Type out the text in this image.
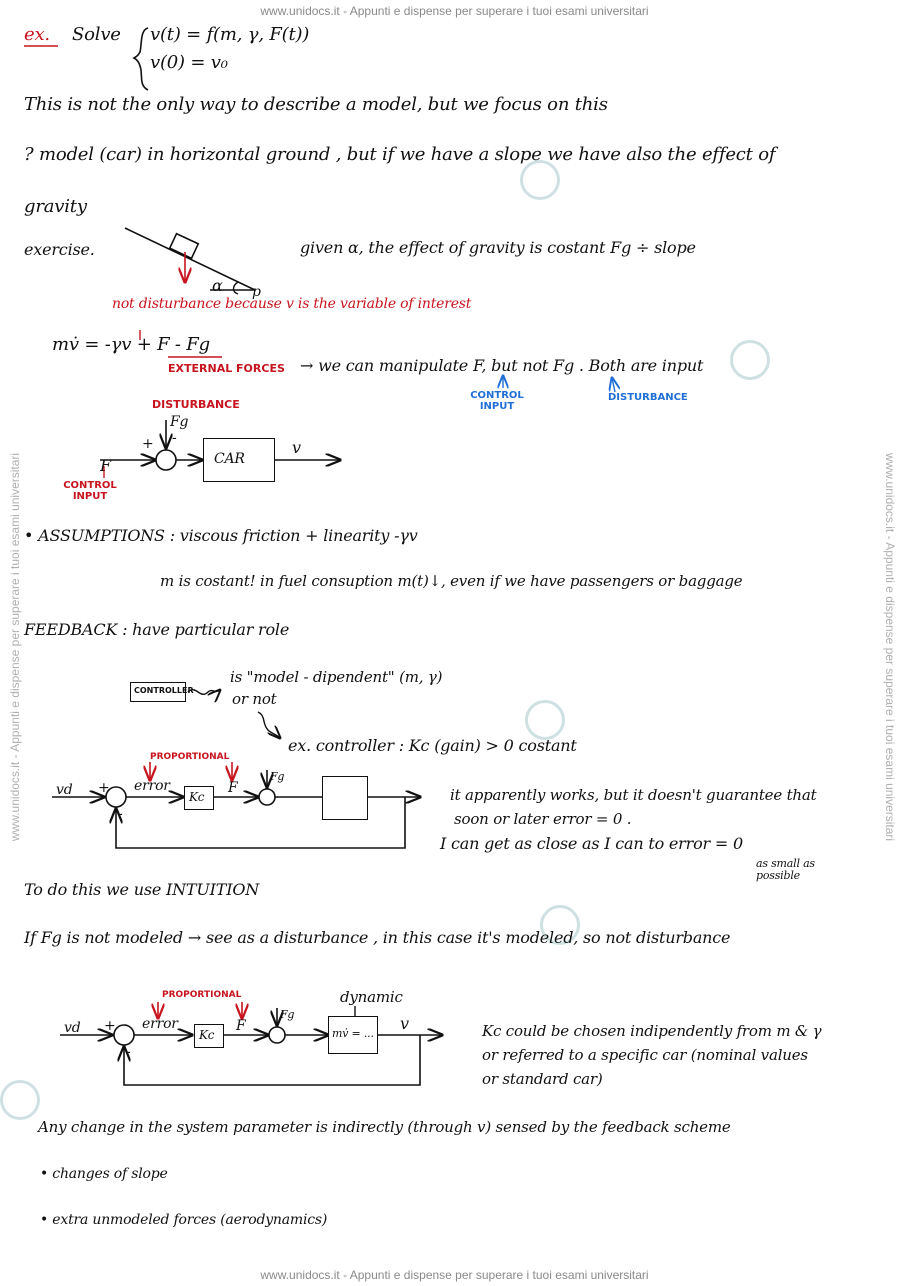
www.unidocs.it - Appunti e dispense per superare i tuoi esami universitari
www.unidocs.it - Appunti e dispense per superare i tuoi esami universitari
www.unidocs.it - Appunti e dispense per superare i tuoi esami universitari	www.unidocs.it - Appunti e dispense per superare i tuoi esami universitari
ex. Solve v(t) = f(m, γ, F(t))
v(0) = v₀
This is not the only way to describe a model, but we focus on this
? model (car) in horizontal ground , but if we have a slope we have also the effect of
gravity
exercise.
α p
given α, the effect of gravity is costant Fg ÷ slope
not disturbance because v is the variable of interest
mv̇ = -γv + F - Fg
EXTERNAL FORCES → we can manipulate F, but not Fg . Both are input
CONTROL INPUT
DISTURBANCE
DISTURBANCE
Fg
+ -
F	CAR
v
CONTROL INPUT
• ASSUMPTIONS : viscous friction + linearity -γv
m is costant! in fuel consuption m(t)↓, even if we have passengers or baggage
FEEDBACK : have particular role
CONTROLLER
is "model - dipendent" (m, γ)
or not
ex. controller : Kc (gain) > 0 costant
vd +
-
PROPORTIONAL
error
Kc
F
Fg
it apparently works, but it doesn't guarantee that
soon or later error = 0 .
I can get as close as I can to error = 0
as small as possible
To do this we use INTUITION
If Fg is not modeled → see as a disturbance , in this case it's modeled, so not disturbance
vd +
-
PROPORTIONAL
error
Kc
F
Fg
dynamic
mv̇ = ...
v	Kc could be chosen indipendently from m & γ
or referred to a specific car (nominal values
or standard car)
Any change in the system parameter is indirectly (through v) sensed by the feedback scheme
• changes of slope
• extra unmodeled forces (aerodynamics)
